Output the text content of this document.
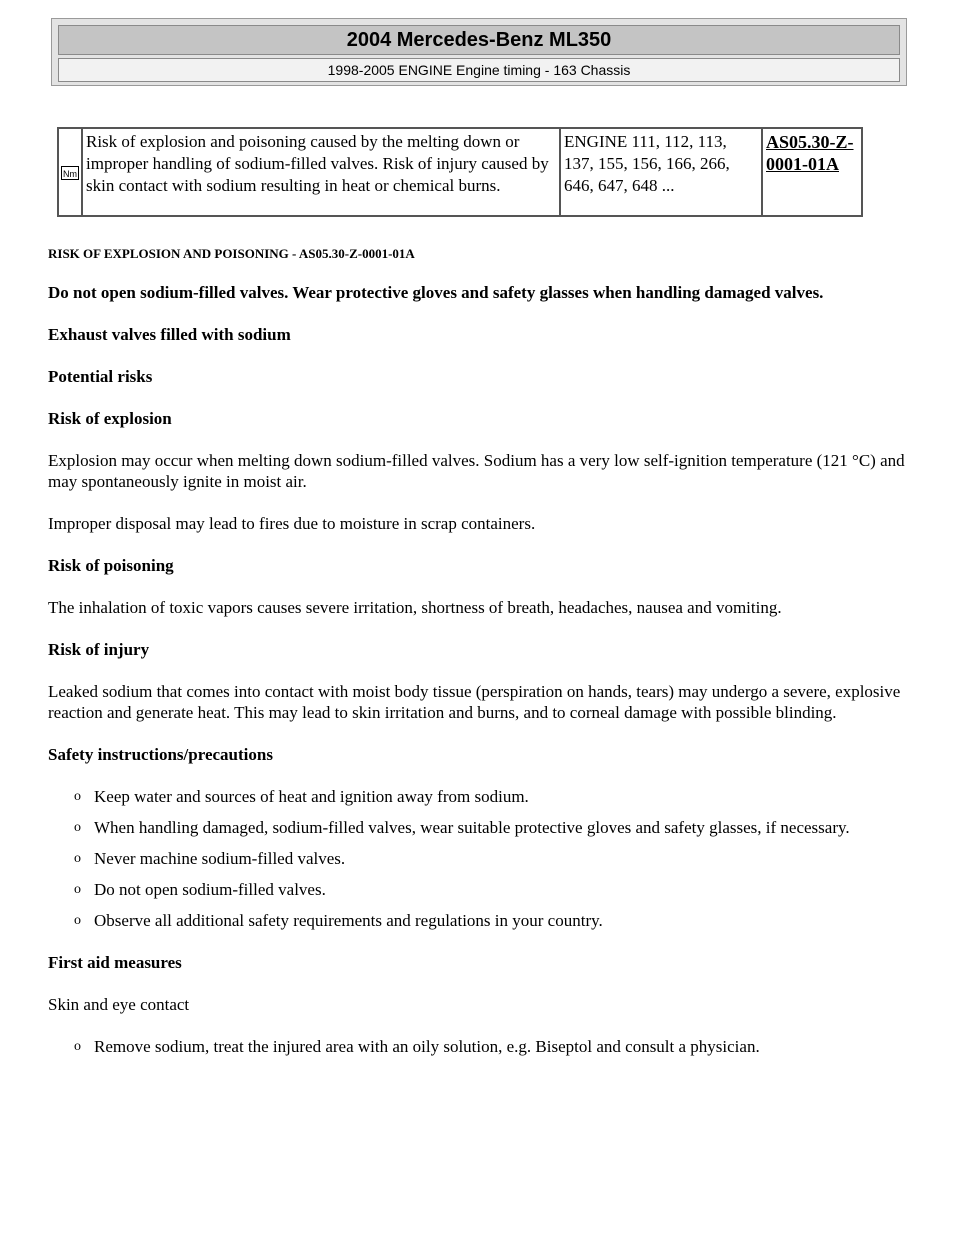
2004 Mercedes-Benz ML350
1998-2005 ENGINE Engine timing - 163 Chassis
Nm	Risk of explosion and poisoning caused by the melting down or improper handling of sodium-filled valves. Risk of injury caused by skin contact with sodium resulting in heat or chemical burns.	ENGINE 111, 112, 113, 137, 155, 156, 166, 266, 646, 647, 648 ...	AS05.30-Z-0001-01A
RISK OF EXPLOSION AND POISONING - AS05.30-Z-0001-01A

Do not open sodium-filled valves. Wear protective gloves and safety glasses when handling damaged valves.

Exhaust valves filled with sodium

Potential risks

Risk of explosion

Explosion may occur when melting down sodium-filled valves. Sodium has a very low self-ignition temperature (121 °C) and may spontaneously ignite in moist air.

Improper disposal may lead to fires due to moisture in scrap containers.

Risk of poisoning

The inhalation of toxic vapors causes severe irritation, shortness of breath, headaches, nausea and vomiting.

Risk of injury

Leaked sodium that comes into contact with moist body tissue (perspiration on hands, tears) may undergo a severe, explosive reaction and generate heat. This may lead to skin irritation and burns, and to corneal damage with possible blinding.

Safety instructions/precautions

o Keep water and sources of heat and ignition away from sodium.
o When handling damaged, sodium-filled valves, wear suitable protective gloves and safety glasses, if necessary.
o Never machine sodium-filled valves.
o Do not open sodium-filled valves.
o Observe all additional safety requirements and regulations in your country.

First aid measures

Skin and eye contact

o Remove sodium, treat the injured area with an oily solution, e.g. Biseptol and consult a physician.
